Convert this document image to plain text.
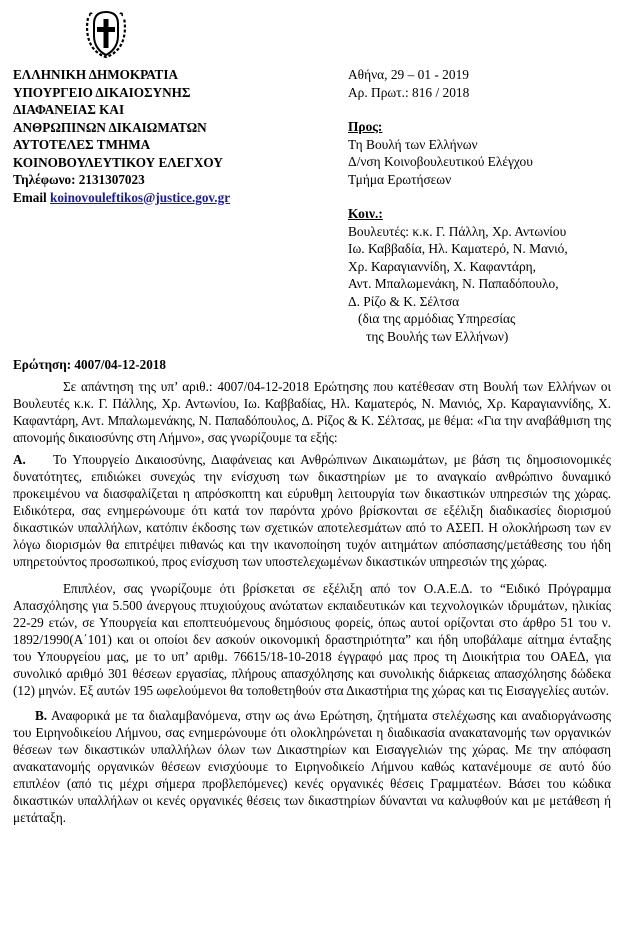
ΕΛΛΗΝΙΚΗ ΔΗΜΟΚΡΑΤΙΑ
ΥΠΟΥΡΓΕΙΟ ΔΙΚΑΙΟΣΥΝΗΣ
ΔΙΑΦΑΝΕΙΑΣ ΚΑΙ
ΑΝΘΡΩΠΙΝΩΝ ΔΙΚΑΙΩΜΑΤΩΝ
ΑΥΤΟΤΕΛΕΣ ΤΜΗΜΑ
ΚΟΙΝΟΒΟΥΛΕΥΤΙΚΟΥ ΕΛΕΓΧΟΥ
Τηλέφωνο: 2131307023
Email koinovouleftikos@justice.gov.gr
Αθήνα, 29 – 01 - 2019
Αρ. Πρωτ.: 816 / 2018
Προς:
Τη Βουλή των Ελλήνων
Δ/νση Κοινοβουλευτικού Ελέγχου
Τμήμα Ερωτήσεων
Κοιν.:
Βουλευτές: κ.κ. Γ. Πάλλη, Χρ. Αντωνίου
Ιω. Καββαδία, Ηλ. Καματερό, Ν. Μανιό,
Χρ. Καραγιαννίδη, Χ. Καφαντάρη,
Αντ. Μπαλωμενάκη, Ν. Παπαδόπουλο,
Δ. Ρίζο & Κ. Σέλτσα
(δια της αρμόδιας Υπηρεσίας
της Βουλής των Ελλήνων)
Ερώτηση: 4007/04-12-2018

Σε απάντηση της υπ’ αριθ.: 4007/04-12-2018 Ερώτησης που κατέθεσαν στη Βουλή των Ελλήνων οι Βουλευτές κ.κ. Γ. Πάλλης, Χρ. Αντωνίου, Ιω. Καββαδίας, Ηλ. Καματερός, Ν. Μανιός, Χρ. Καραγιαννίδης, Χ. Καφαντάρη, Αντ. Μπαλωμενάκης, Ν. Παπαδόπουλος, Δ. Ρίζος & Κ. Σέλτσας, με θέμα: «Για την αναβάθμιση της απονομής δικαιοσύνης στη Λήμνο», σας γνωρίζουμε τα εξής:

Α. Το Υπουργείο Δικαιοσύνης, Διαφάνειας και Ανθρώπινων Δικαιωμάτων, με βάση τις δημοσιονομικές δυνατότητες, επιδιώκει συνεχώς την ενίσχυση των δικαστηρίων με το αναγκαίο ανθρώπινο δυναμικό προκειμένου να διασφαλίζεται η απρόσκοπτη και εύρυθμη λειτουργία των δικαστικών υπηρεσιών της χώρας. Ειδικότερα, σας ενημερώνουμε ότι κατά τον παρόντα χρόνο βρίσκονται σε εξέλιξη διαδικασίες διορισμού δικαστικών υπαλλήλων, κατόπιν έκδοσης των σχετικών αποτελεσμάτων από το ΑΣΕΠ. Η ολοκλήρωση των εν λόγω διορισμών θα επιτρέψει πιθανώς και την ικανοποίηση τυχόν αιτημάτων απόσπασης/μετάθεσης του ήδη υπηρετούντος προσωπικού, προς ενίσχυση των υποστελεχωμένων δικαστικών υπηρεσιών της χώρας.

Επιπλέον, σας γνωρίζουμε ότι βρίσκεται σε εξέλιξη από τον Ο.Α.Ε.Δ. το “Ειδικό Πρόγραμμα Απασχόλησης για 5.500 άνεργους πτυχιούχους ανώτατων εκπαιδευτικών και τεχνολογικών ιδρυμάτων, ηλικίας 22-29 ετών, σε Υπουργεία και εποπτευόμενους δημόσιους φορείς, όπως αυτοί ορίζονται στο άρθρο 51 του ν. 1892/1990(Α΄101) και οι οποίοι δεν ασκούν οικονομική δραστηριότητα” και ήδη υποβάλαμε αίτημα ένταξης του Υπουργείου μας, με το υπ’ αριθμ. 76615/18-10-2018 έγγραφό μας προς τη Διοικήτρια του ΟΑΕΔ, για συνολικό αριθμό 301 θέσεων εργασίας, πλήρους απασχόλησης και συνολικής διάρκειας απασχόλησης δώδεκα (12) μηνών. Εξ αυτών 195 ωφελούμενοι θα τοποθετηθούν στα Δικαστήρια της χώρας και τις Εισαγγελίες αυτών.

Β. Αναφορικά με τα διαλαμβανόμενα, στην ως άνω Ερώτηση, ζητήματα στελέχωσης και αναδιοργάνωσης του Ειρηνοδικείου Λήμνου, σας ενημερώνουμε ότι ολοκληρώνεται η διαδικασία ανακατανομής των οργανικών θέσεων των δικαστικών υπαλλήλων όλων των Δικαστηρίων και Εισαγγελιών της χώρας. Με την απόφαση ανακατανομής οργανικών θέσεων ενισχύουμε το Ειρηνοδικείο Λήμνου καθώς κατανέμουμε σε αυτό δύο επιπλέον (από τις μέχρι σήμερα προβλεπόμενες) κενές οργανικές θέσεις Γραμματέων. Βάσει του κώδικα δικαστικών υπαλλήλων οι κενές οργανικές θέσεις των δικαστηρίων δύνανται να καλυφθούν και με μετάθεση ή μετάταξη.
